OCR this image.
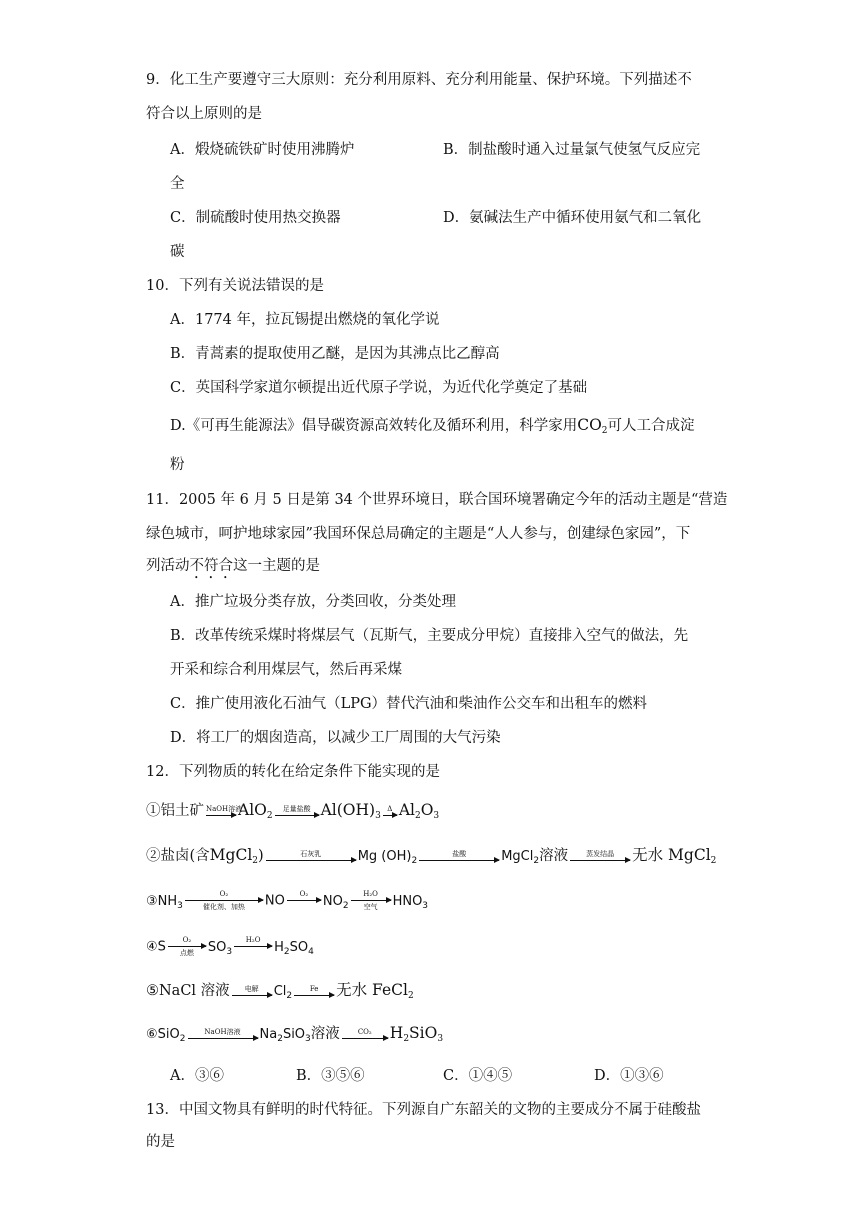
9．化工生产要遵守三大原则：充分利用原料、充分利用能量、保护环境。下列描述不
符合以上原则的是
A．煅烧硫铁矿时使用沸腾炉	B．制盐酸时通入过量氯气使氢气反应完
全
C．制硫酸时使用热交换器	D．氨碱法生产中循环使用氨气和二氧化
碳
10．下列有关说法错误的是
A．1774 年，拉瓦锡提出燃烧的氧化学说
B．青蒿素的提取使用乙醚，是因为其沸点比乙醇高
C．英国科学家道尔顿提出近代原子学说，为近代化学奠定了基础
D.《可再生能源法》倡导碳资源高效转化及循环利用，科学家用$CO_2$可人工合成淀
粉
11．2005 年 6 月 5 日是第 34 个世界环境日，联合国环境署确定今年的活动主题是“营造
绿色城市，呵护地球家园”我国环保总局确定的主题是“人人参与，创建绿色家园”，下
列活动不符合这一主题的是
A．推广垃圾分类存放，分类回收，分类处理
B．改革传统采煤时将煤层气（瓦斯气，主要成分甲烷）直接排入空气的做法，先
开采和综合利用煤层气，然后再采煤
C．推广使用液化石油气（LPG）替代汽油和柴油作公交车和出租车的燃料
D．将工厂的烟囱造高，以减少工厂周围的大气污染
12．下列物质的转化在给定条件下能实现的是
①铝土矿 NaOH溶液
AlO$_2$
足量盐酸 $Al(OH)_3$
Δ $Al_2O_3$
②盐卤(含MgCl$_2$)	石灰乳	Mg $(OH)_2$
盐酸	MgCl$_2$溶液	蒸发结晶	无水 MgCl$_2$
$③NH_3$
O₂
催化剂、加热	NO	O₂
	$NO_2$
H₂O
空气	$HNO_3$
④S	O₂
点燃	$SO_3$
H₂O
	$H_2SO_4$
⑤NaCl 溶液	电解	$Cl_2$
Fe	无水 FeCl$_2$
⑥SiO$_2$
NaOH溶液	$Na_2SiO_3$溶液	CO₂	$H_2SiO_3$
A．③⑥	B．③⑤⑥	C．①④⑤	D．①③⑥
13．中国文物具有鲜明的时代特征。下列源自广东韶关的文物的主要成分不属于硅酸盐
的是
